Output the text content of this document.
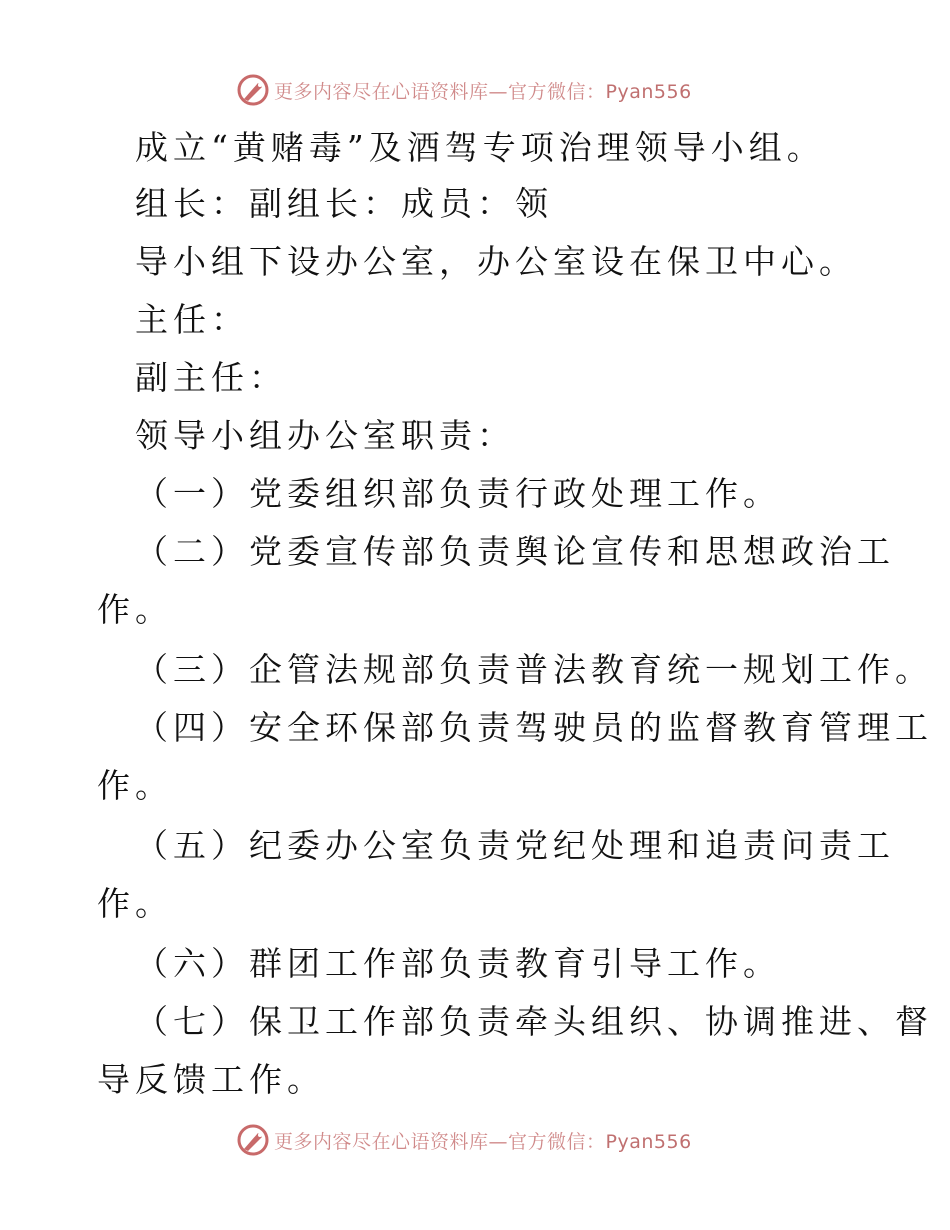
更多内容尽在心语资料库—官方微信：Pyan556
成立“黄赌毒”及酒驾专项治理领导小组。
组长：副组长：成员：领
导小组下设办公室，办公室设在保卫中心。
主任：
副主任：
领导小组办公室职责：
（一）党委组织部负责行政处理工作。
（二）党委宣传部负责舆论宣传和思想政治工
作。
（三）企管法规部负责普法教育统一规划工作。
（四）安全环保部负责驾驶员的监督教育管理工
作。
（五）纪委办公室负责党纪处理和追责问责工
作。
（六）群团工作部负责教育引导工作。
（七）保卫工作部负责牵头组织、协调推进、督
导反馈工作。
更多内容尽在心语资料库—官方微信：Pyan556
